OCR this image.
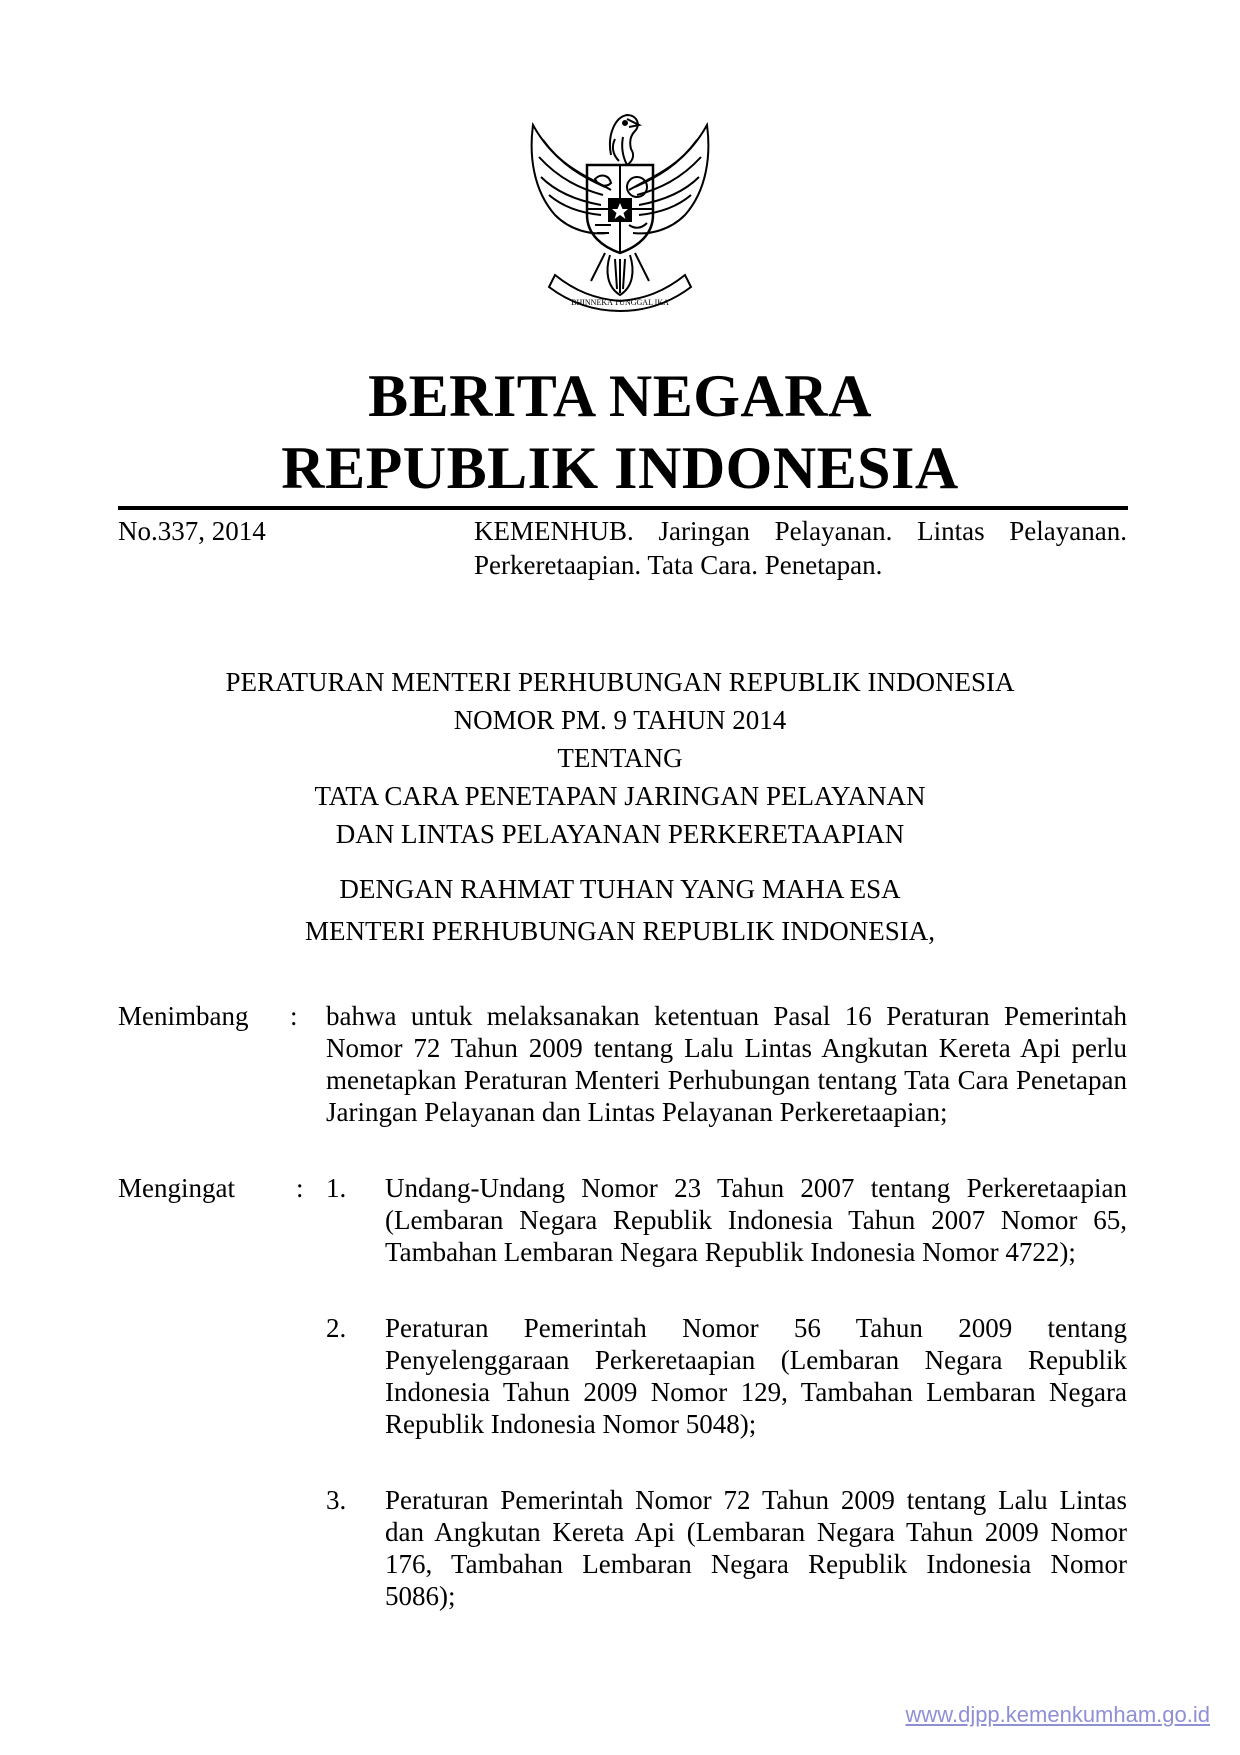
BHINNEKA TUNGGAL IKA
BERITA NEGARA
REPUBLIK INDONESIA
No.337, 2014	KEMENHUB. Jaringan Pelayanan. Lintas Pelayanan. Perkeretaapian. Tata Cara. Penetapan.
PERATURAN MENTERI PERHUBUNGAN REPUBLIK INDONESIA
NOMOR PM. 9 TAHUN 2014
TENTANG
TATA CARA PENETAPAN JARINGAN PELAYANAN
DAN LINTAS PELAYANAN PERKERETAAPIAN
DENGAN RAHMAT TUHAN YANG MAHA ESA
MENTERI PERHUBUNGAN REPUBLIK INDONESIA,
Menimbang : bahwa untuk melaksanakan ketentuan Pasal 16 Peraturan Pemerintah Nomor 72 Tahun 2009 tentang Lalu Lintas Angkutan Kereta Api perlu menetapkan Peraturan Menteri Perhubungan tentang Tata Cara Penetapan Jaringan Pelayanan dan Lintas Pelayanan Perkeretaapian;
Mengingat : 1. Undang-Undang Nomor 23 Tahun 2007 tentang Perkeretaapian (Lembaran Negara Republik Indonesia Tahun 2007 Nomor 65, Tambahan Lembaran Negara Republik Indonesia Nomor 4722);
2. Peraturan Pemerintah Nomor 56 Tahun 2009 tentang Penyelenggaraan Perkeretaapian (Lembaran Negara Republik Indonesia Tahun 2009 Nomor 129, Tambahan Lembaran Negara Republik Indonesia Nomor 5048);
3. Peraturan Pemerintah Nomor 72 Tahun 2009 tentang Lalu Lintas dan Angkutan Kereta Api (Lembaran Negara Tahun 2009 Nomor 176, Tambahan Lembaran Negara Republik Indonesia Nomor 5086);
www.djpp.kemenkumham.go.id
